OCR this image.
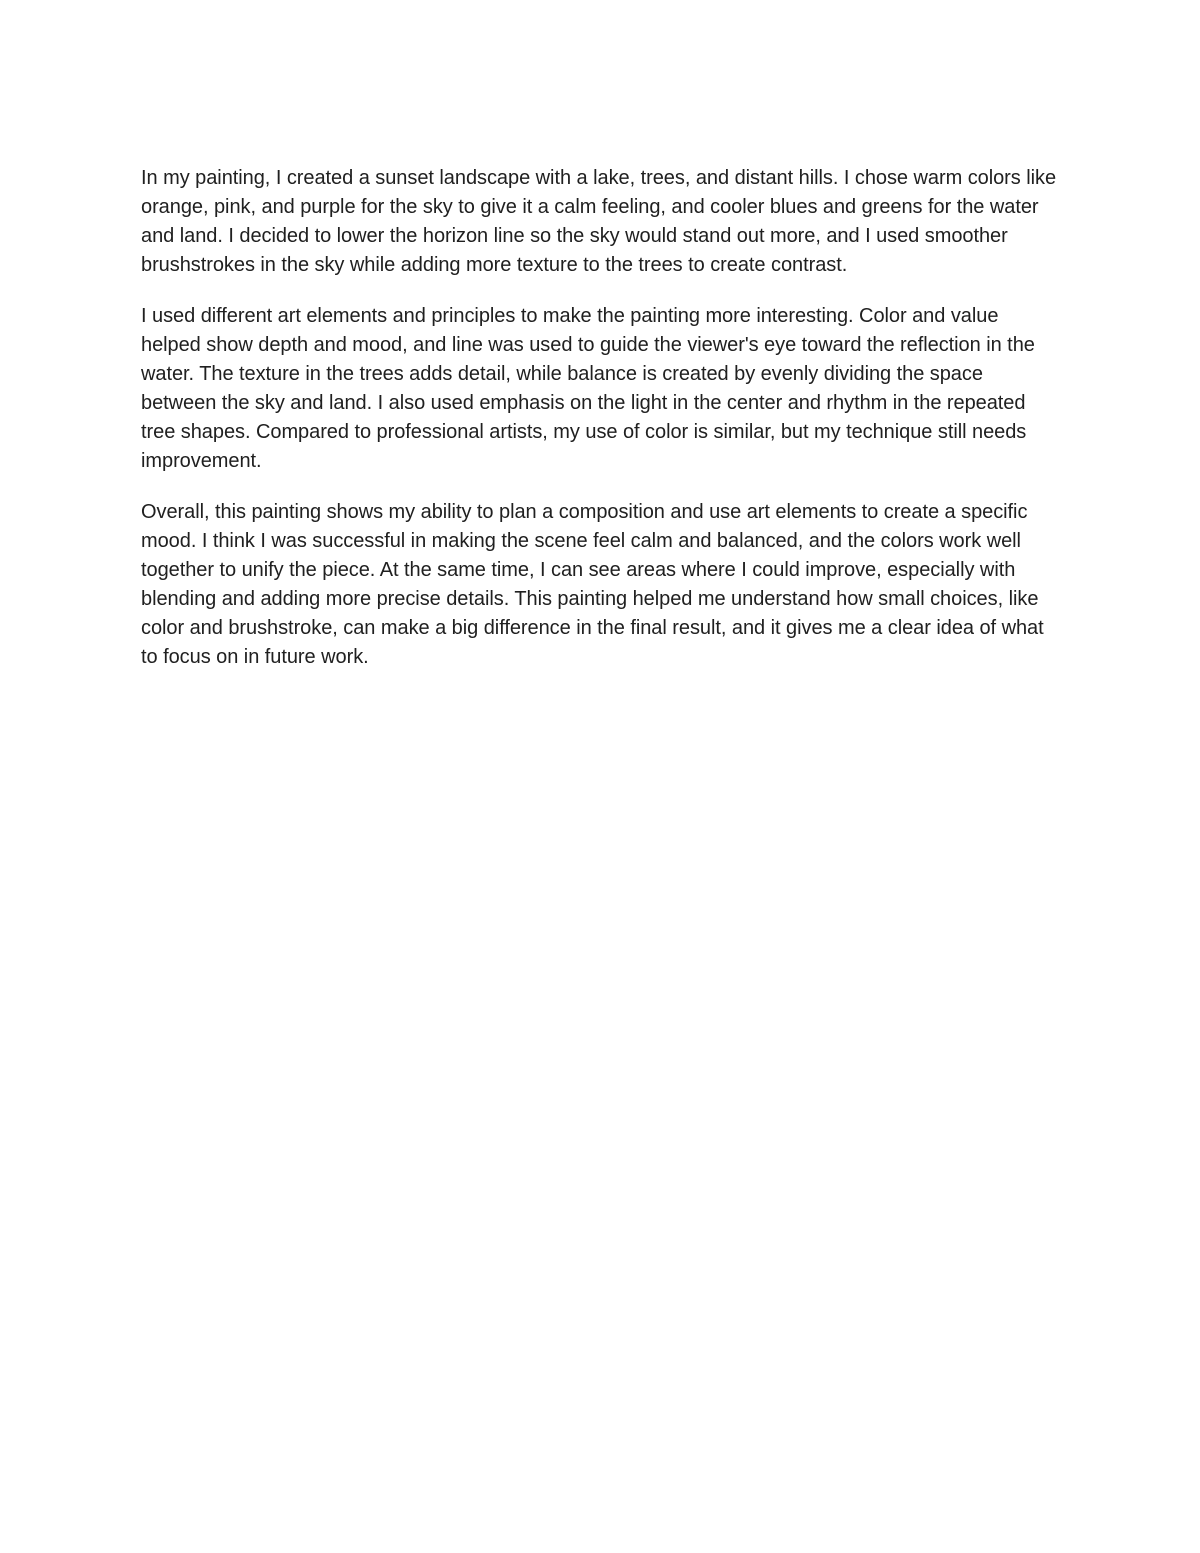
In my painting, I created a sunset landscape with a lake, trees, and distant hills. I chose warm colors like orange, pink, and purple for the sky to give it a calm feeling, and cooler blues and greens for the water and land. I decided to lower the horizon line so the sky would stand out more, and I used smoother brushstrokes in the sky while adding more texture to the trees to create contrast.

I used different art elements and principles to make the painting more interesting. Color and value helped show depth and mood, and line was used to guide the viewer's eye toward the reflection in the water. The texture in the trees adds detail, while balance is created by evenly dividing the space between the sky and land. I also used emphasis on the light in the center and rhythm in the repeated tree shapes. Compared to professional artists, my use of color is similar, but my technique still needs improvement.

Overall, this painting shows my ability to plan a composition and use art elements to create a specific mood. I think I was successful in making the scene feel calm and balanced, and the colors work well together to unify the piece. At the same time, I can see areas where I could improve, especially with blending and adding more precise details. This painting helped me understand how small choices, like color and brushstroke, can make a big difference in the final result, and it gives me a clear idea of what to focus on in future work.
